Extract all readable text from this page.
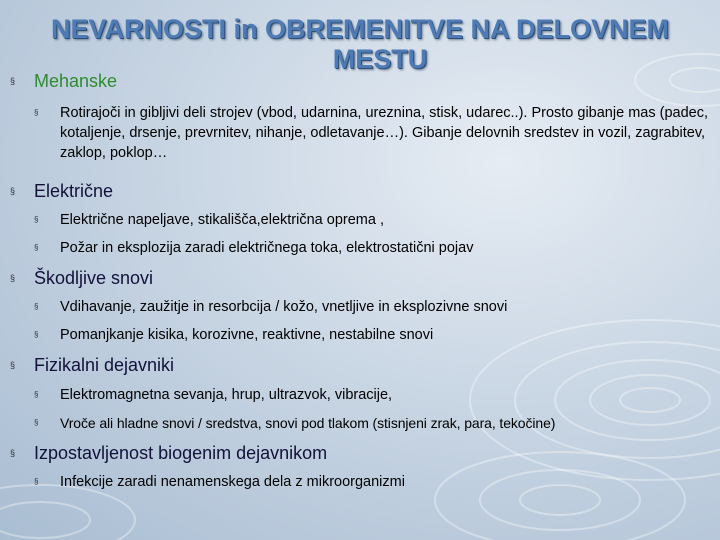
NEVARNOSTI in OBREMENITVE NA DELOVNEM
MESTU
§ Mehanske
§ Rotirajoči in gibljivi deli strojev (vbod, udarnina, ureznina, stisk, udarec..). Prosto gibanje mas (padec, kotaljenje, drsenje, prevrnitev, nihanje, odletavanje…). Gibanje delovnih sredstev in vozil, zagrabitev, zaklop, poklop…
§ Električne
§ Električne napeljave, stikališča,električna oprema ,
§ Požar in eksplozija zaradi električnega toka, elektrostatični pojav
§ Škodljive snovi
§ Vdihavanje, zaužitje in resorbcija / kožo, vnetljive in eksplozivne snovi
§ Pomanjkanje kisika, korozivne, reaktivne, nestabilne snovi
§ Fizikalni dejavniki
§ Elektromagnetna sevanja, hrup, ultrazvok, vibracije,
§ Vroče ali hladne snovi / sredstva, snovi pod tlakom (stisnjeni zrak, para, tekočine)
§ Izpostavljenost biogenim dejavnikom
§ Infekcije zaradi nenamenskega dela z mikroorganizmi
